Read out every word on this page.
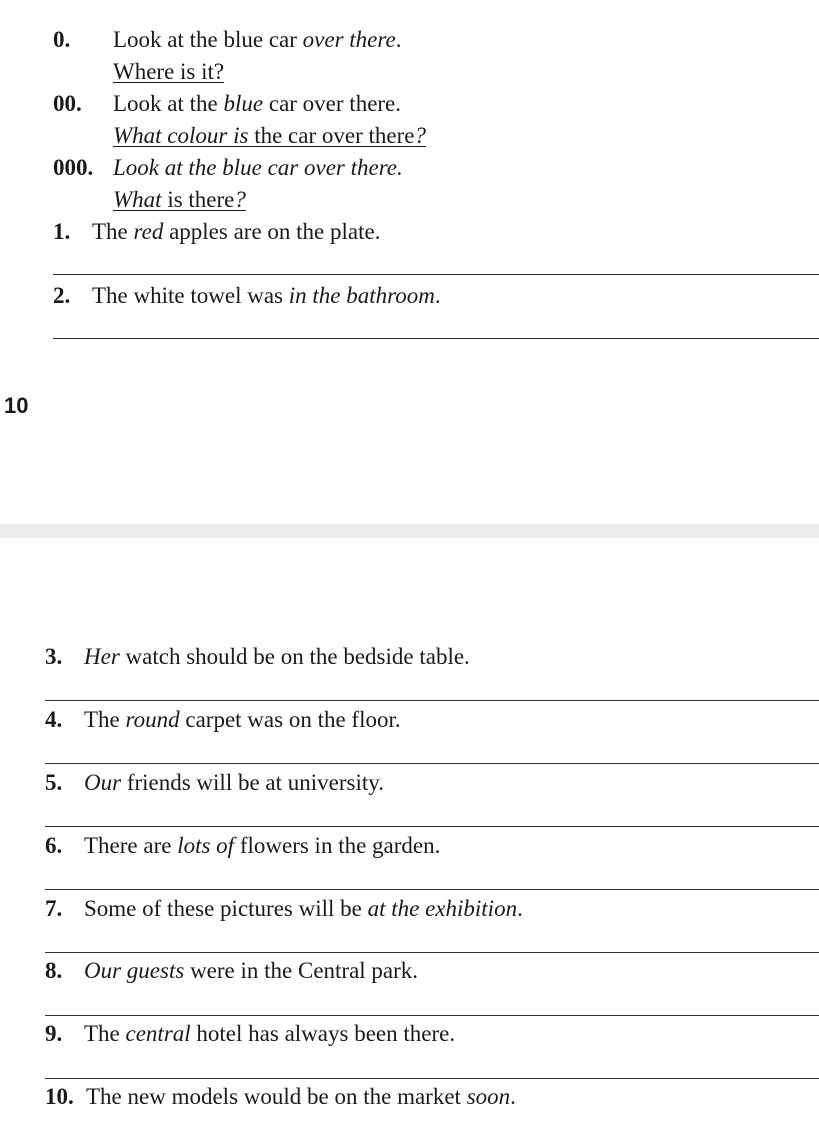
0. Look at the blue car over there.
Where is it?
00. Look at the blue car over there.
What colour is the car over there?
000. Look at the blue car over there.
What is there?
1. The red apples are on the plate.
2. The white towel was in the bathroom.
10
3. Her watch should be on the bedside table.
4. The round carpet was on the floor.
5. Our friends will be at university.
6. There are lots of flowers in the garden.
7. Some of these pictures will be at the exhibition.
8. Our guests were in the Central park.
9. The central hotel has always been there.
10. The new models would be on the market soon.
